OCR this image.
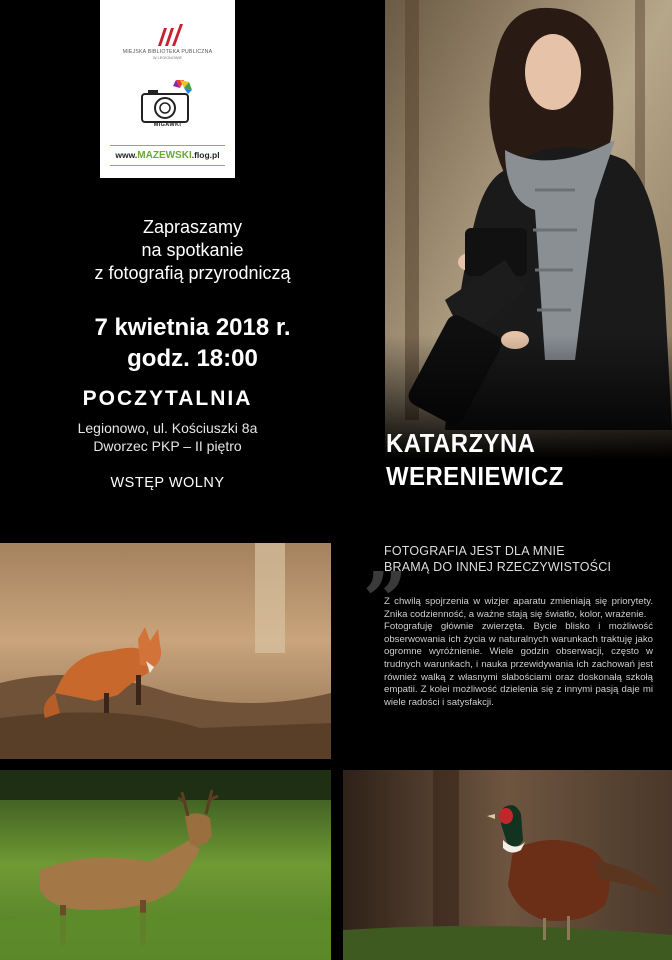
MIEJSKA BIBLIOTEKA PUBLICZNA
W LEGIONOWIE
MIGAWKI
www.MAZEWSKI.flog.pl
Zapraszamy
na spotkanie
z fotografią przyrodniczą
7 kwietnia 2018 r.
godz. 18:00
POCZYTALNIA
Legionowo, ul. Kościuszki 8a
Dworzec PKP – II piętro
WSTĘP WOLNY
KATARZYNA
WERENIEWICZ
„
FOTOGRAFIA JEST DLA MNIE
BRAMĄ DO INNEJ RZECZYWISTOŚCI

Z chwilą spojrzenia w wizjer aparatu zmieniają się priorytety. Znika codzienność, a ważne stają się światło, kolor, wrażenie.

Fotografuję głównie zwierzęta. Bycie blisko i możliwość obserwowania ich życia w naturalnych warunkach traktuję jako ogromne wyróżnienie. Wiele godzin obserwacji, często w trudnych warunkach, i nauka przewidywania ich zachowań jest również walką z własnymi słabościami oraz doskonałą szkołą empatii. Z kolei możliwość dzielenia się z innymi pasją daje mi wiele radości i satysfakcji.
